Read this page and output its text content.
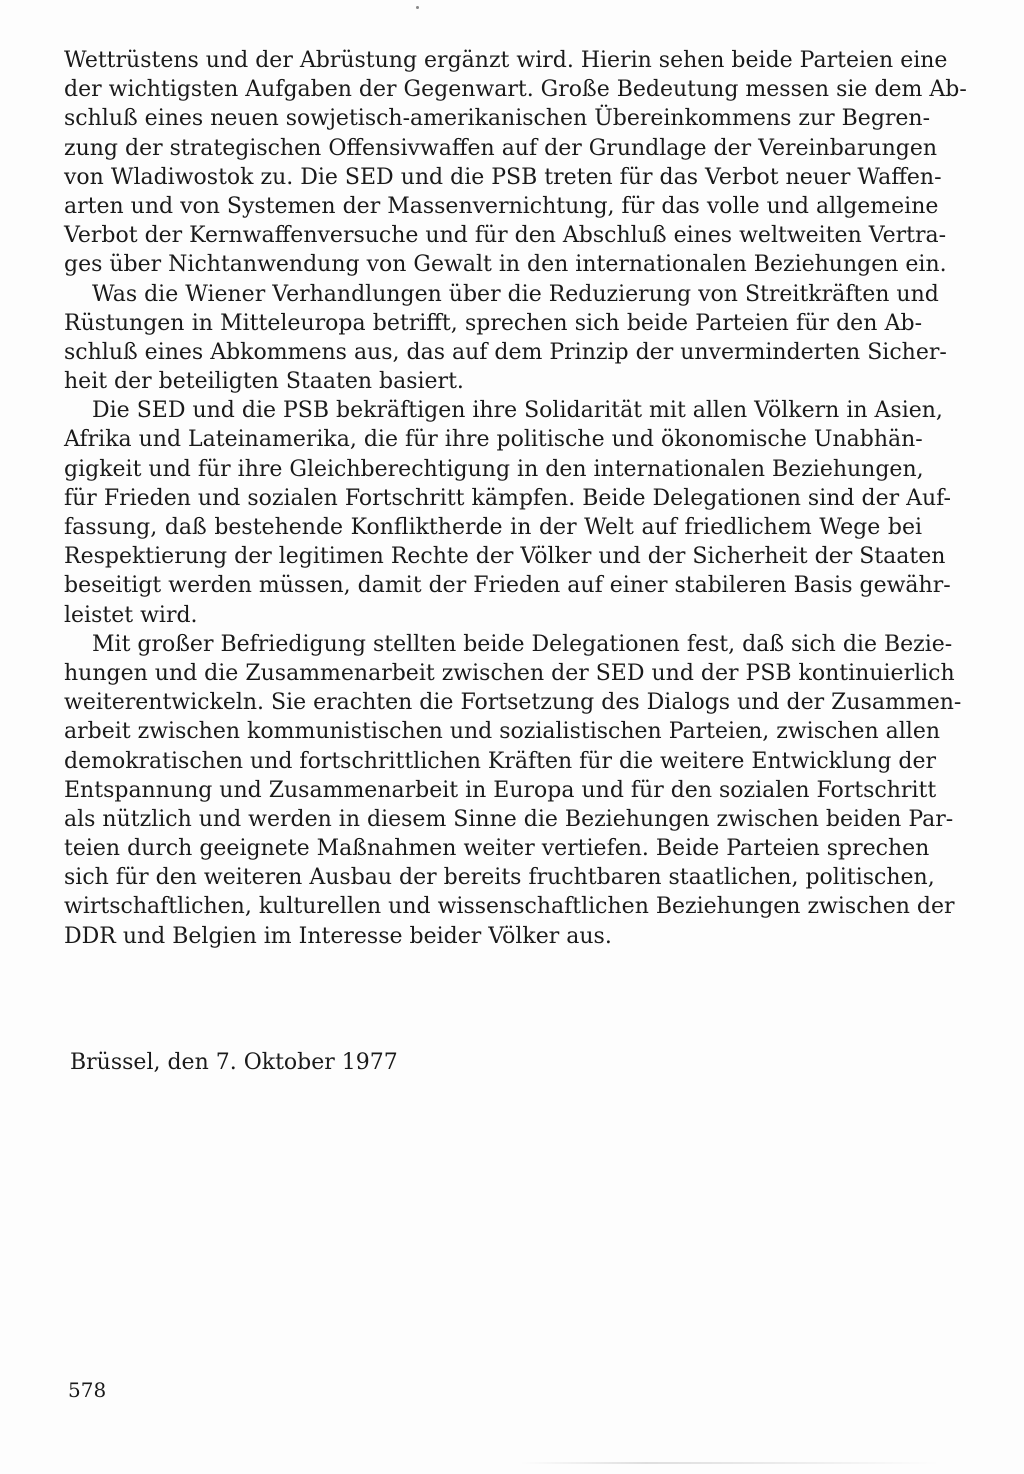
Wettrüstens und der Abrüstung ergänzt wird. Hierin sehen beide Parteien eine
der wichtigsten Aufgaben der Gegenwart. Große Bedeutung messen sie dem Ab-
schluß eines neuen sowjetisch-amerikanischen Übereinkommens zur Begren-
zung der strategischen Offensivwaffen auf der Grundlage der Vereinbarungen
von Wladiwostok zu. Die SED und die PSB treten für das Verbot neuer Waffen-
arten und von Systemen der Massenvernichtung, für das volle und allgemeine
Verbot der Kernwaffenversuche und für den Abschluß eines weltweiten Vertra-
ges über Nichtanwendung von Gewalt in den internationalen Beziehungen ein.
Was die Wiener Verhandlungen über die Reduzierung von Streitkräften und
Rüstungen in Mitteleuropa betrifft, sprechen sich beide Parteien für den Ab-
schluß eines Abkommens aus, das auf dem Prinzip der unverminderten Sicher-
heit der beteiligten Staaten basiert.
Die SED und die PSB bekräftigen ihre Solidarität mit allen Völkern in Asien,
Afrika und Lateinamerika, die für ihre politische und ökonomische Unabhän-
gigkeit und für ihre Gleichberechtigung in den internationalen Beziehungen,
für Frieden und sozialen Fortschritt kämpfen. Beide Delegationen sind der Auf-
fassung, daß bestehende Konfliktherde in der Welt auf friedlichem Wege bei
Respektierung der legitimen Rechte der Völker und der Sicherheit der Staaten
beseitigt werden müssen, damit der Frieden auf einer stabileren Basis gewähr-
leistet wird.
Mit großer Befriedigung stellten beide Delegationen fest, daß sich die Bezie-
hungen und die Zusammenarbeit zwischen der SED und der PSB kontinuierlich
weiterentwickeln. Sie erachten die Fortsetzung des Dialogs und der Zusammen-
arbeit zwischen kommunistischen und sozialistischen Parteien, zwischen allen
demokratischen und fortschrittlichen Kräften für die weitere Entwicklung der
Entspannung und Zusammenarbeit in Europa und für den sozialen Fortschritt
als nützlich und werden in diesem Sinne die Beziehungen zwischen beiden Par-
teien durch geeignete Maßnahmen weiter vertiefen. Beide Parteien sprechen
sich für den weiteren Ausbau der bereits fruchtbaren staatlichen, politischen,
wirtschaftlichen, kulturellen und wissenschaftlichen Beziehungen zwischen der
DDR und Belgien im Interesse beider Völker aus.
Brüssel, den 7. Oktober 1977
578
